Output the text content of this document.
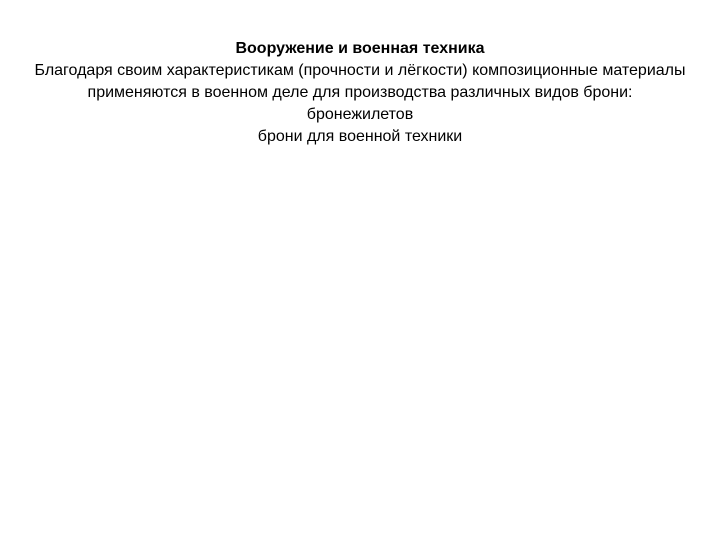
Вооружение и военная техника

Благодаря своим характеристикам (прочности и лёгкости) композиционные материалы применяются в военном деле для производства различных видов брони:

бронежилетов

брони для военной техники
